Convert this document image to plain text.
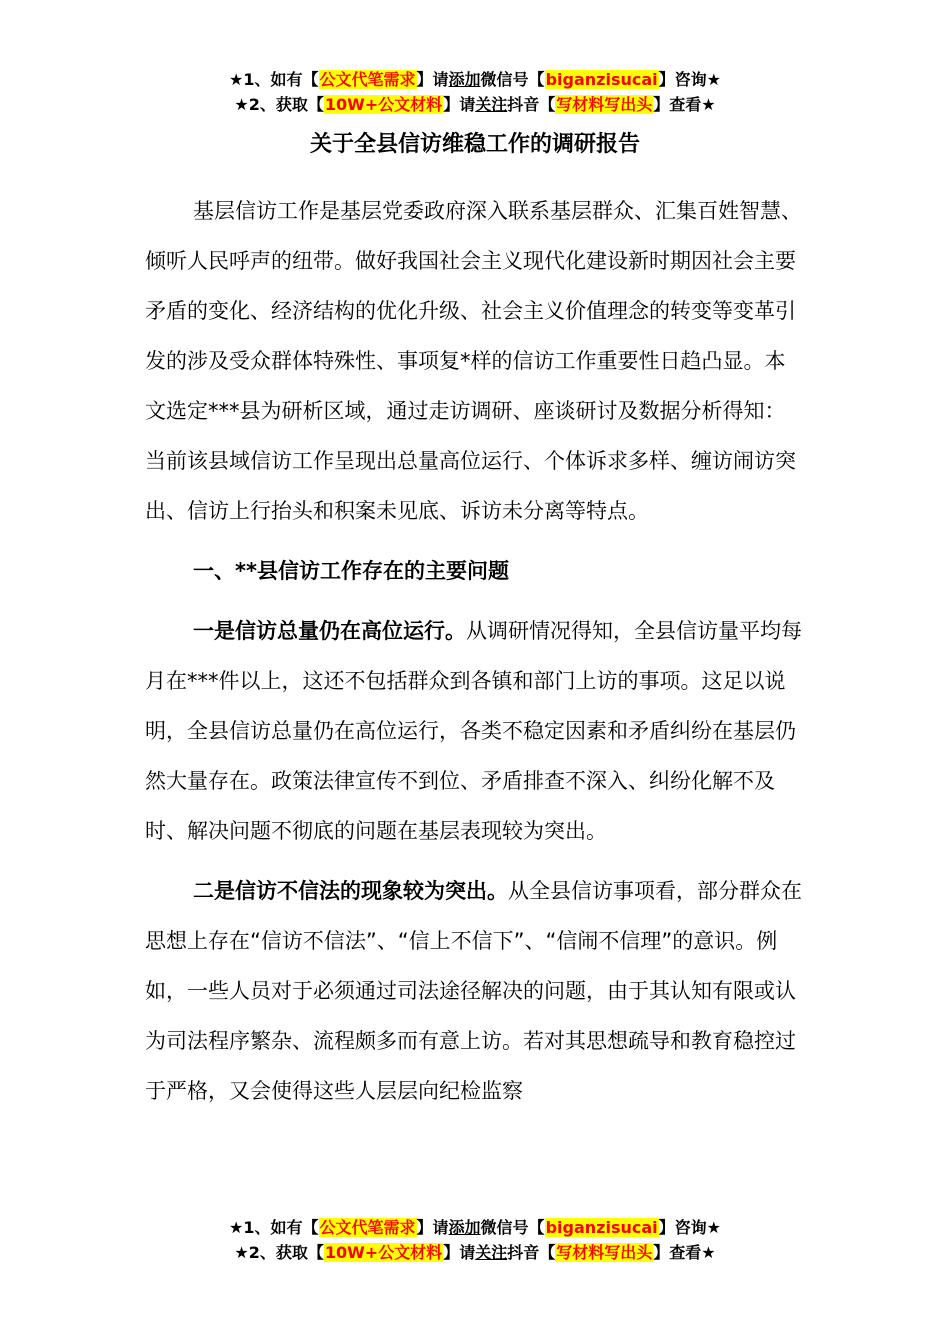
★1、如有【公文代笔需求】请添加微信号【biganzisucai】咨询★
★2、获取【10W+公文材料】请关注抖音【写材料写出头】查看★
关于全县信访维稳工作的调研报告

基层信访工作是基层党委政府深入联系基层群众、汇集百姓智慧、倾听人民呼声的纽带。做好我国社会主义现代化建设新时期因社会主要矛盾的变化、经济结构的优化升级、社会主义价值理念的转变等变革引发的涉及受众群体特殊性、事项复*样的信访工作重要性日趋凸显。本文选定***县为研析区域，通过走访调研、座谈研讨及数据分析得知：当前该县域信访工作呈现出总量高位运行、个体诉求多样、缠访闹访突出、信访上行抬头和积案未见底、诉访未分离等特点。

一、**县信访工作存在的主要问题

一是信访总量仍在高位运行。从调研情况得知，全县信访量平均每月在***件以上，这还不包括群众到各镇和部门上访的事项。这足以说明，全县信访总量仍在高位运行，各类不稳定因素和矛盾纠纷在基层仍然大量存在。政策法律宣传不到位、矛盾排查不深入、纠纷化解不及时、解决问题不彻底的问题在基层表现较为突出。

二是信访不信法的现象较为突出。从全县信访事项看，部分群众在思想上存在“信访不信法”、“信上不信下”、“信闹不信理”的意识。例如，一些人员对于必须通过司法途径解决的问题，由于其认知有限或认为司法程序繁杂、流程颇多而有意上访。若对其思想疏导和教育稳控过于严格，又会使得这些人层层向纪检监察

★1、如有【公文代笔需求】请添加微信号【biganzisucai】咨询★
★2、获取【10W+公文材料】请关注抖音【写材料写出头】查看★
